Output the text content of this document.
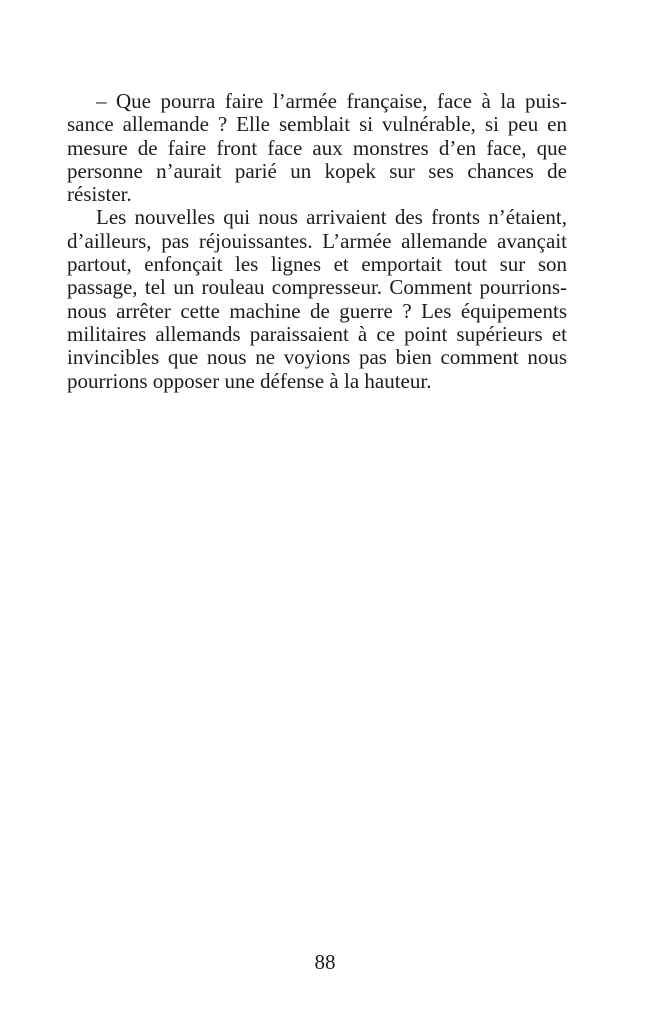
– Que pourra faire l’armée française, face à la puis-
sance allemande ? Elle semblait si vulnérable, si peu en
mesure de faire front face aux monstres d’en face, que
personne n’aurait parié un kopek sur ses chances de
résister.
Les nouvelles qui nous arrivaient des fronts n’étaient,
d’ailleurs, pas réjouissantes. L’armée allemande avançait
partout, enfonçait les lignes et emportait tout sur son
passage, tel un rouleau compresseur. Comment pourrions-
nous arrêter cette machine de guerre ? Les équipements
militaires allemands paraissaient à ce point supérieurs et
invincibles que nous ne voyions pas bien comment nous
pourrions opposer une défense à la hauteur.
88
